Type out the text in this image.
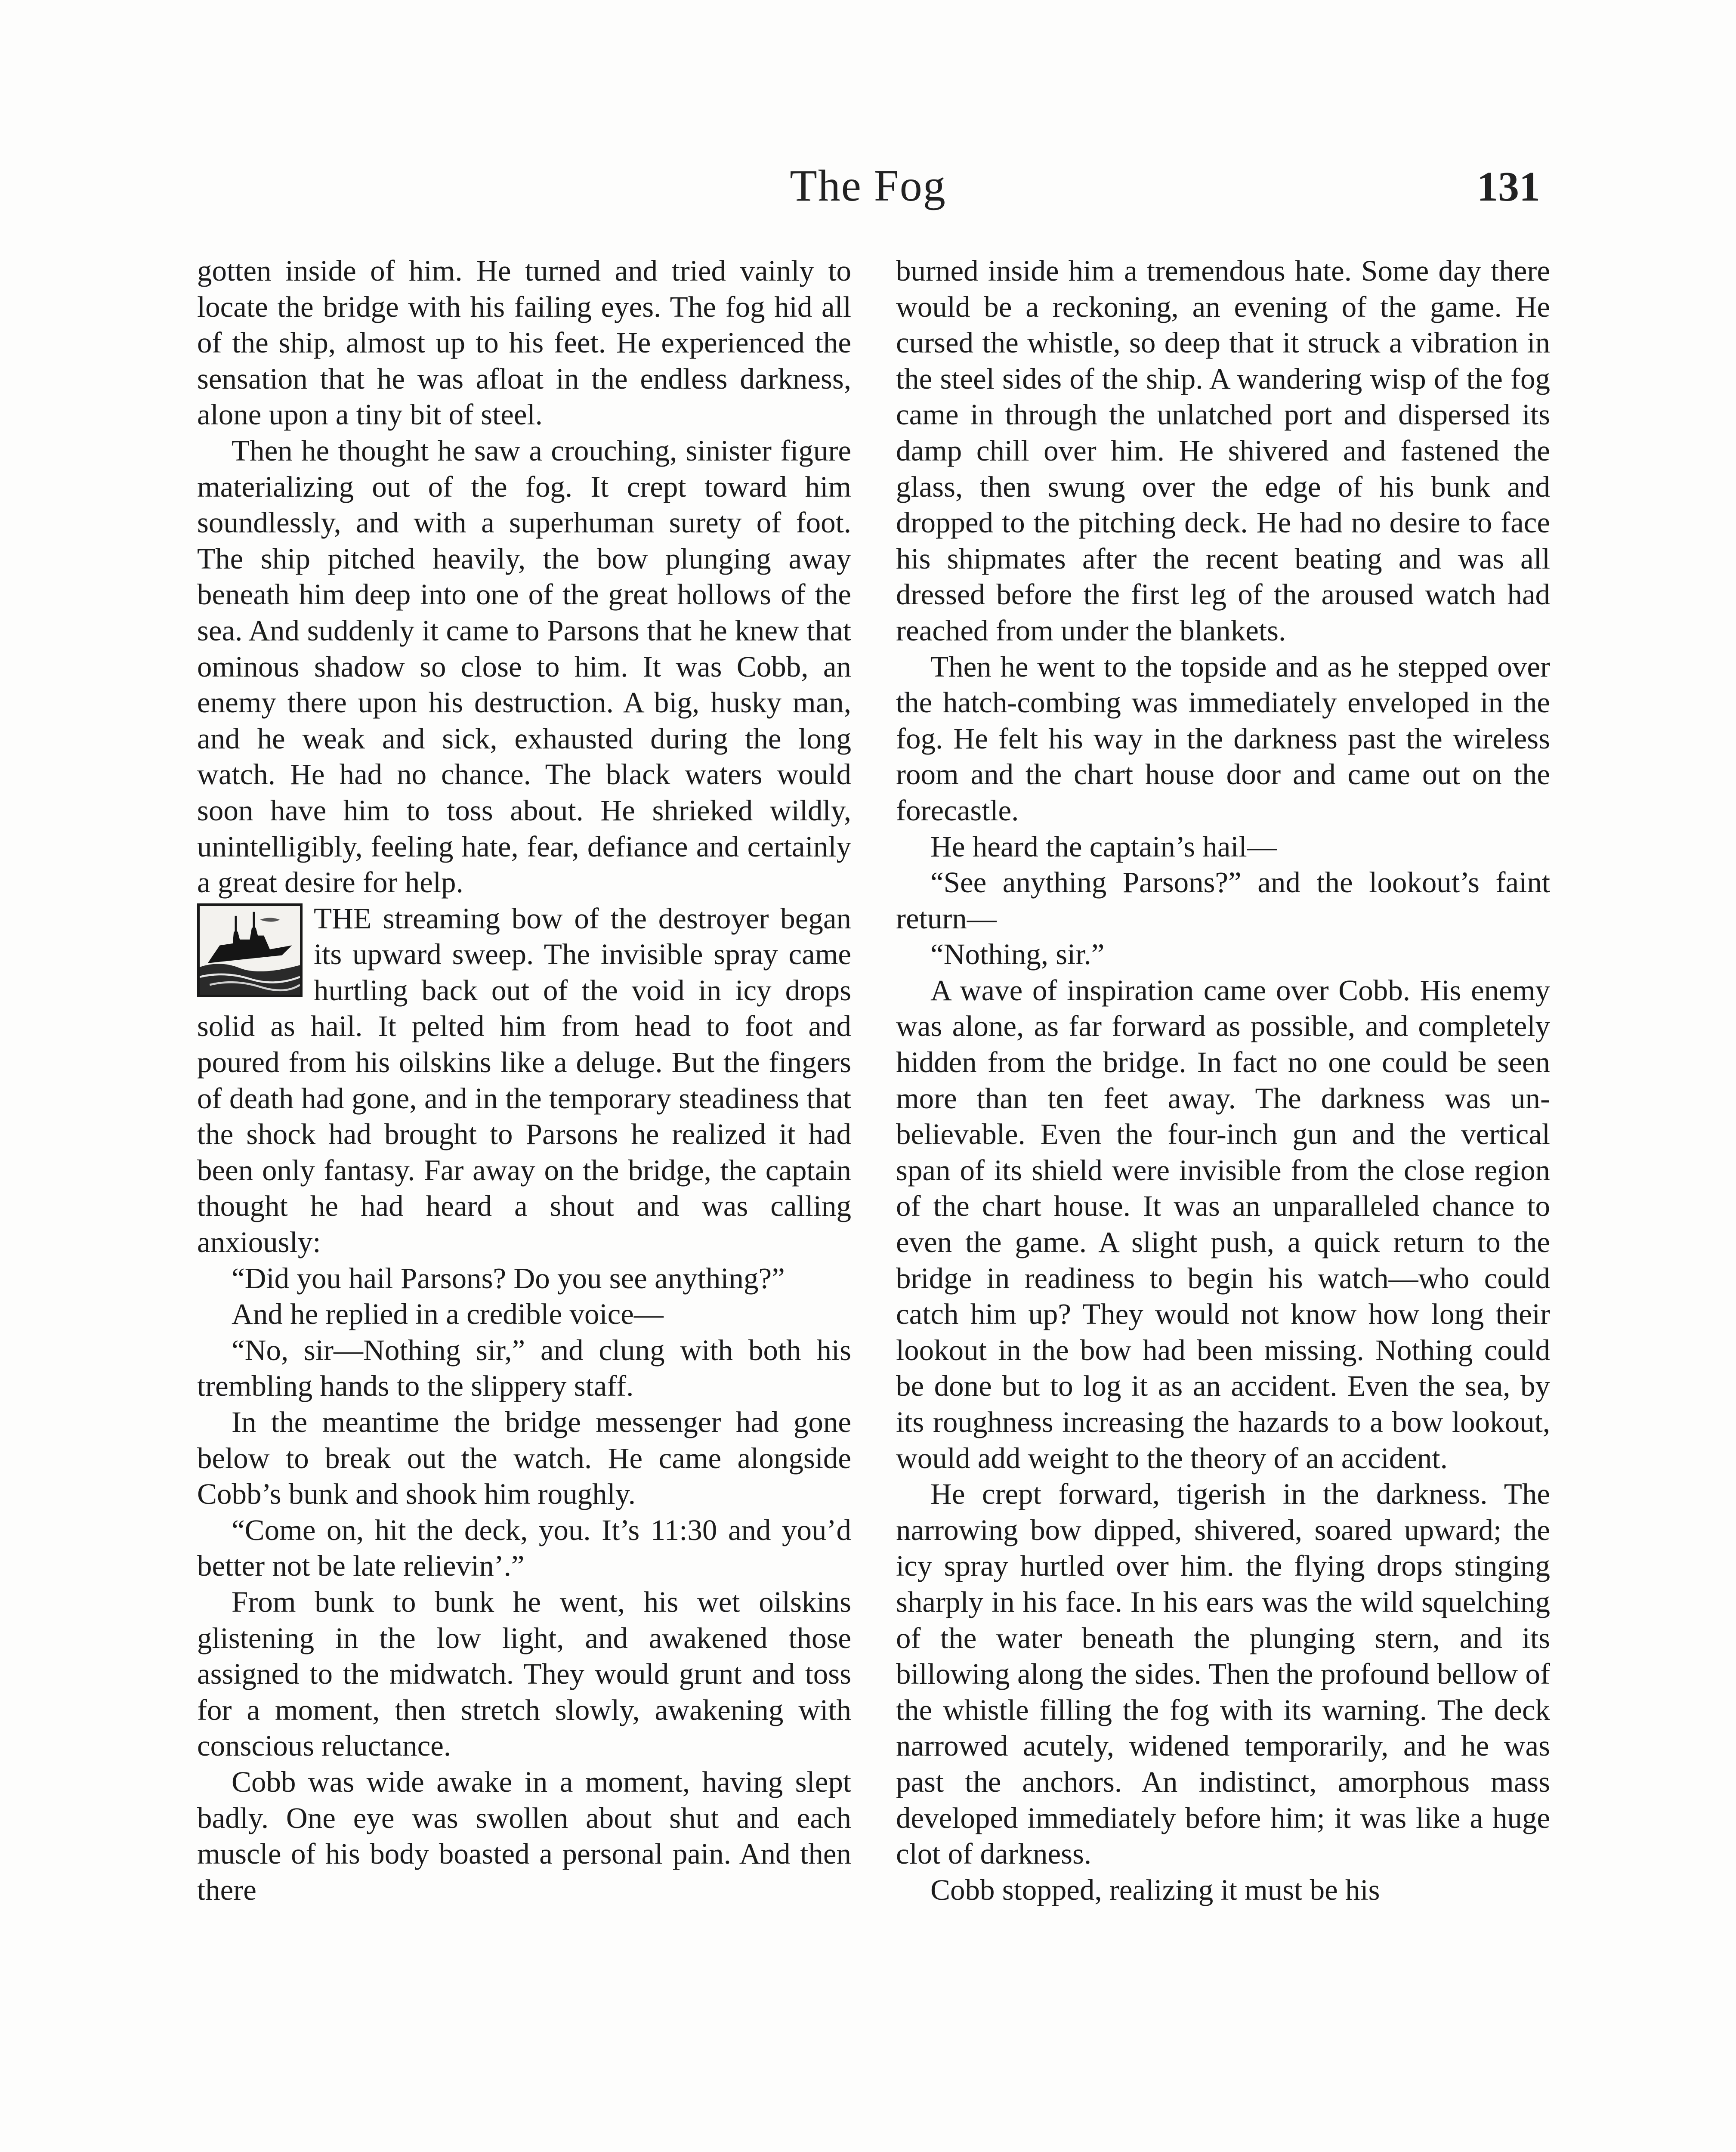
The Fog	131

gotten inside of him. He turned and tried vainly to locate the bridge with his failing eyes. The fog hid all of the ship, almost up to his feet. He experienced the sensation that he was afloat in the endless darkness, alone upon a tiny bit of steel.

Then he thought he saw a crouching, sinister figure materializing out of the fog. It crept toward him soundlessly, and with a superhuman surety of foot. The ship pitched heavily, the bow plunging away beneath him deep into one of the great hollows of the sea. And suddenly it came to Parsons that he knew that ominous shadow so close to him. It was Cobb, an enemy there upon his destruction. A big, husky man, and he weak and sick, exhausted during the long watch. He had no chance. The black waters would soon have him to toss about. He shrieked wildly, unintelligibly, feeling hate, fear, defiance and certainly a great desire for help.

THE streaming bow of the destroyer began its upward sweep. The invisible spray came hurtling back out of the void in icy drops solid as hail. It pelted him from head to foot and poured from his oilskins like a deluge. But the fingers of death had gone, and in the temporary steadiness that the shock had brought to Parsons he realized it had been only fantasy. Far away on the bridge, the captain thought he had heard a shout and was calling anxiously:

“Did you hail Parsons? Do you see anything?”

And he replied in a credible voice—

“No, sir—Nothing sir,” and clung with both his trembling hands to the slippery staff.

In the meantime the bridge messenger had gone below to break out the watch. He came alongside Cobb’s bunk and shook him roughly.

“Come on, hit the deck, you. It’s 11:30 and you’d better not be late relievin’.”

From bunk to bunk he went, his wet oilskins glistening in the low light, and awakened those assigned to the midwatch. They would grunt and toss for a moment, then stretch slowly, awakening with conscious reluctance.

Cobb was wide awake in a moment, having slept badly. One eye was swollen about shut and each muscle of his body boasted a personal pain. And then there

burned inside him a tremendous hate. Some day there would be a reckoning, an evening of the game. He cursed the whistle, so deep that it struck a vibration in the steel sides of the ship. A wandering wisp of the fog came in through the unlatched port and dispersed its damp chill over him. He shivered and fastened the glass, then swung over the edge of his bunk and dropped to the pitching deck. He had no desire to face his shipmates after the recent beating and was all dressed before the first leg of the aroused watch had reached from under the blankets.

Then he went to the topside and as he stepped over the hatch-combing was immediately enveloped in the fog. He felt his way in the darkness past the wireless room and the chart house door and came out on the forecastle.

He heard the captain’s hail—

“See anything Parsons?” and the lookout’s faint return—

“Nothing, sir.”

A wave of inspiration came over Cobb. His enemy was alone, as far forward as possible, and completely hidden from the bridge. In fact no one could be seen more than ten feet away. The darkness was unbelievable. Even the four-inch gun and the vertical span of its shield were invisible from the close region of the chart house. It was an unparalleled chance to even the game. A slight push, a quick return to the bridge in readiness to begin his watch—who could catch him up? They would not know how long their lookout in the bow had been missing. Nothing could be done but to log it as an accident. Even the sea, by its roughness increasing the hazards to a bow lookout, would add weight to the theory of an accident.

He crept forward, tigerish in the darkness. The narrowing bow dipped, shivered, soared upward; the icy spray hurtled over him. the flying drops stinging sharply in his face. In his ears was the wild squelching of the water beneath the plunging stern, and its billowing along the sides. Then the profound bellow of the whistle filling the fog with its warning. The deck narrowed acutely, widened temporarily, and he was past the anchors. An indistinct, amorphous mass developed immediately before him; it was like a huge clot of darkness.

Cobb stopped, realizing it must be his
